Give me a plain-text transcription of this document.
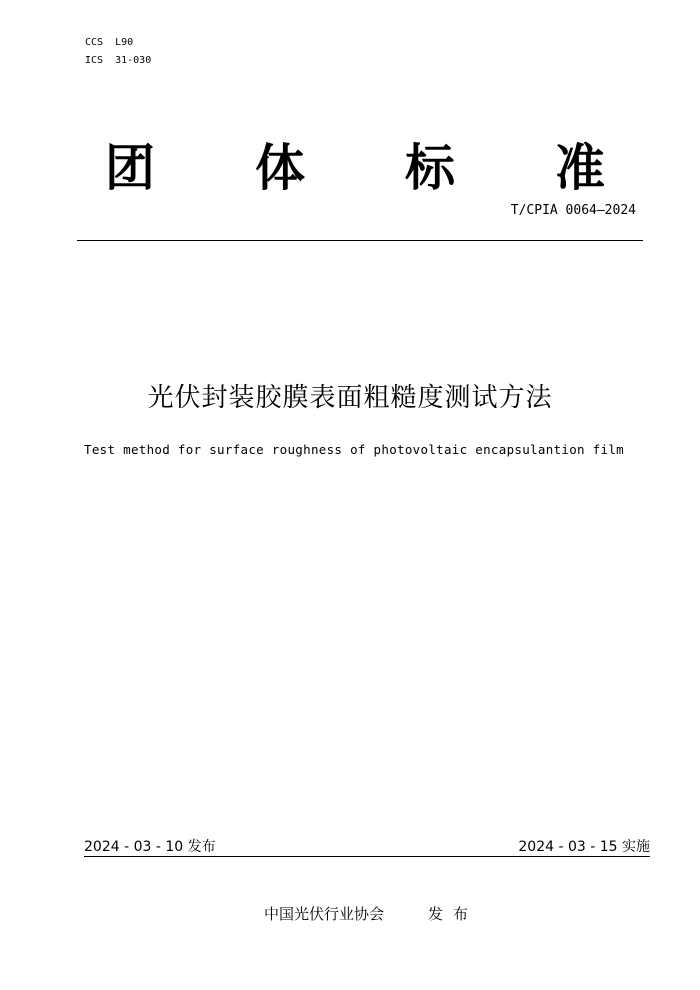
CCS  L90
ICS  31-030
团 体 标 准
T/CPIA 0064—2024
光伏封装胶膜表面粗糙度测试方法
Test method for surface roughness of photovoltaic encapsulantion film
2024 - 03 - 10 发布	2024 - 03 - 15 实施
中国光伏行业协会	发布
